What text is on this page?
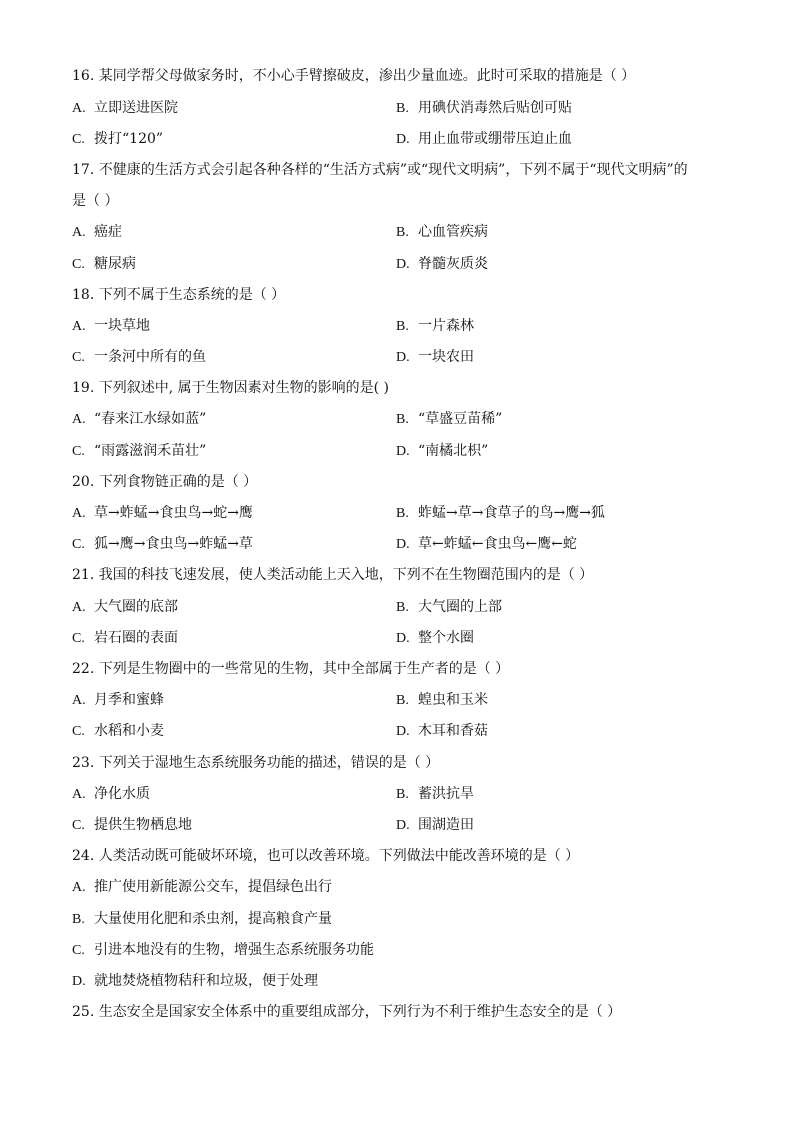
16. 某同学帮父母做家务时，不小心手臂擦破皮，渗出少量血迹。此时可采取的措施是（ ）
A. 立即送进医院	B. 用碘伏消毒然后贴创可贴
C. 拨打“120”	D. 用止血带或绷带压迫止血
17. 不健康的生活方式会引起各种各样的“生活方式病”或“现代文明病”，下列不属于“现代文明病”的
是（ ）
A. 癌症	B. 心血管疾病
C. 糖尿病	D. 脊髓灰质炎
18. 下列不属于生态系统的是（ ）
A. 一块草地	B. 一片森林
C. 一条河中所有的鱼	D. 一块农田
19. 下列叙述中, 属于生物因素对生物的影响的是( )
A. “春来江水绿如蓝”	B. “草盛豆苗稀”
C. “雨露滋润禾苗壮”	D. “南橘北枳”
20. 下列食物链正确的是（ ）
A. 草→蚱蜢→食虫鸟→蛇→鹰	B. 蚱蜢→草→食草子的鸟→鹰→狐
C. 狐→鹰→食虫鸟→蚱蜢→草	D. 草←蚱蜢←食虫鸟←鹰←蛇
21. 我国的科技飞速发展，使人类活动能上天入地，下列不在生物圈范围内的是（ ）
A. 大气圈的底部	B. 大气圈的上部
C. 岩石圈的表面	D. 整个水圈
22. 下列是生物圈中的一些常见的生物，其中全部属于生产者的是（ ）
A. 月季和蜜蜂	B. 蝗虫和玉米
C. 水稻和小麦	D. 木耳和香菇
23. 下列关于湿地生态系统服务功能的描述，错误的是（ ）
A. 净化水质	B. 蓄洪抗旱
C. 提供生物栖息地	D. 围湖造田
24. 人类活动既可能破坏环境，也可以改善环境。下列做法中能改善环境的是（ ）
A. 推广使用新能源公交车，提倡绿色出行
B. 大量使用化肥和杀虫剂，提高粮食产量
C. 引进本地没有的生物，增强生态系统服务功能
D. 就地焚烧植物秸秆和垃圾，便于处理
25. 生态安全是国家安全体系中的重要组成部分，下列行为不利于维护生态安全的是（ ）
